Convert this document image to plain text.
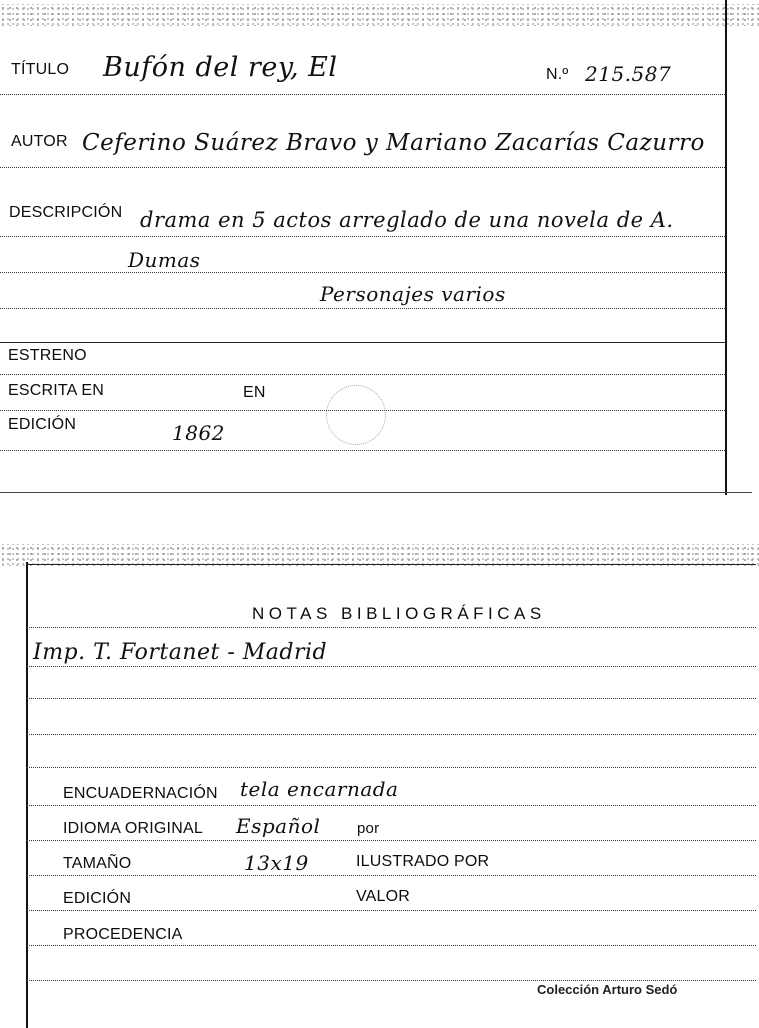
TÍTULO Bufón del rey, El	N.º 215.587
AUTOR Ceferino Suárez Bravo y Mariano Zacarías Cazurro
DESCRIPCIÓN drama en 5 actos arreglado de una novela de A.
Dumas
Personajes varios
ESTRENO
ESCRITA EN	EN
EDICIÓN	1862
NOTAS BIBLIOGRÁFICAS
Imp. T. Fortanet - Madrid
ENCUADERNACIÓN tela encarnada
IDIOMA ORIGINAL Español por
TAMAÑO	13x19	ILUSTRADO POR
EDICIÓN	VALOR
PROCEDENCIA
Colección Arturo Sedó
